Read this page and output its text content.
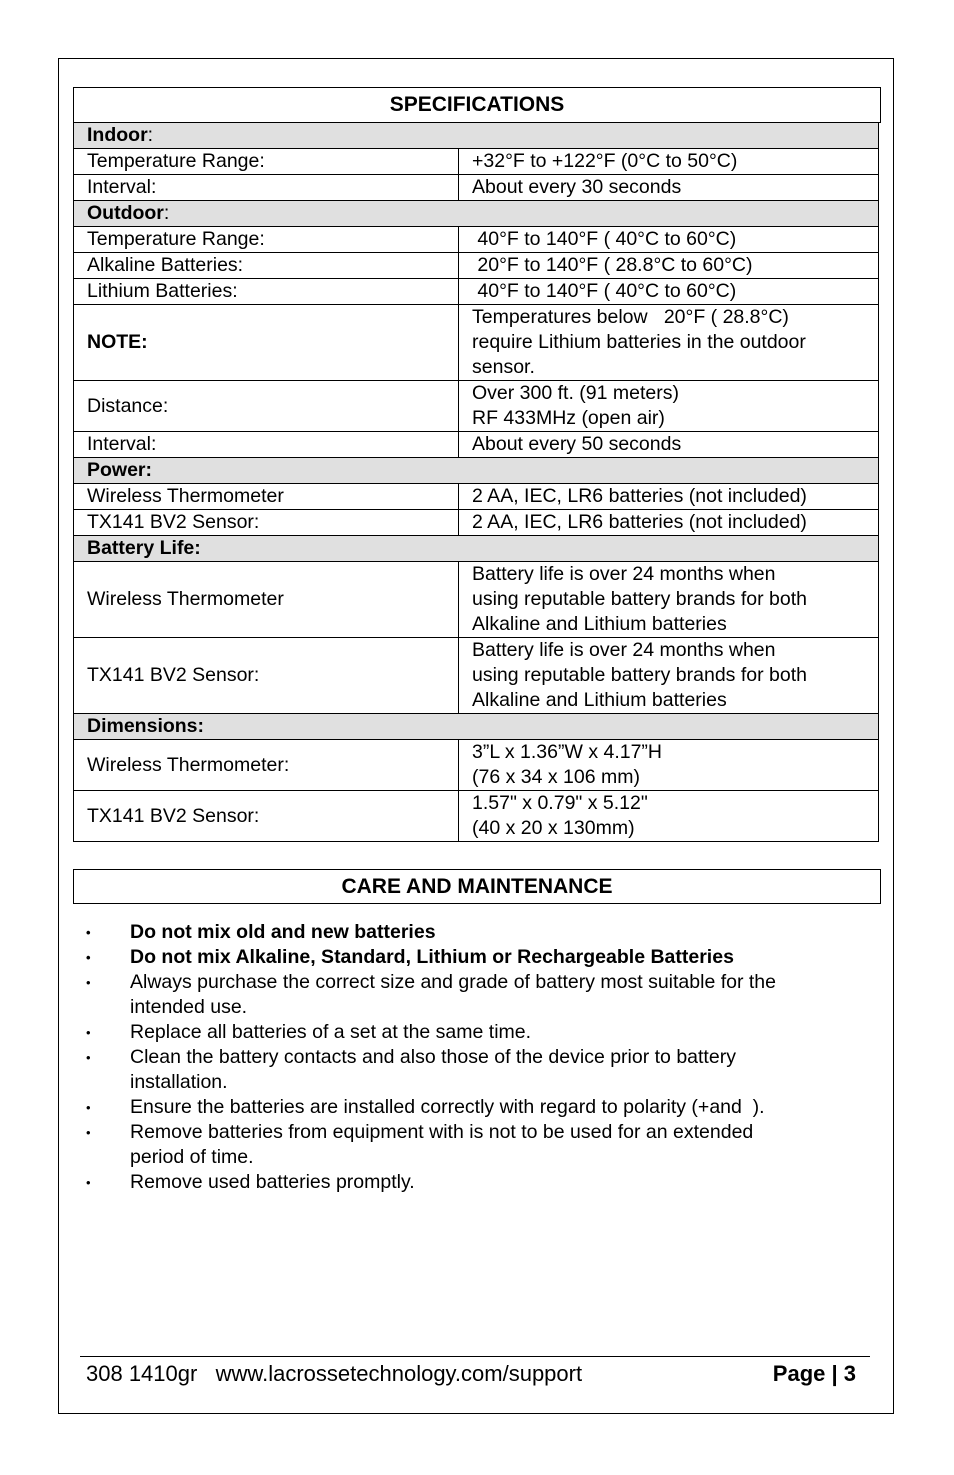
SPECIFICATIONS
Indoor:	
Temperature Range:	+32°F to +122°F (0°C to 50°C)

Interval:	About every 30 seconds

Outdoor:	
Temperature Range:	40°F to 140°F ( 40°C to 60°C)

Alkaline Batteries:	20°F to 140°F ( 28.8°C to 60°C)

Lithium Batteries:	40°F to 140°F ( 40°C to 60°C)

NOTE:	Temperatures below   20°F ( 28.8°C)
require Lithium batteries in the outdoor
sensor.

Distance:	Over 300 ft. (91 meters)
RF 433MHz (open air)

Interval:	About every 50 seconds

Power:	
Wireless Thermometer	2 AA, IEC, LR6 batteries (not included)

TX141 BV2 Sensor:	2 AA, IEC, LR6 batteries (not included)

Battery Life:	
Wireless Thermometer	Battery life is over 24 months when
using reputable battery brands for both
Alkaline and Lithium batteries

TX141 BV2 Sensor:	Battery life is over 24 months when
using reputable battery brands for both
Alkaline and Lithium batteries

Dimensions:	
Wireless Thermometer:	3”L x 1.36”W x 4.17”H
(76 x 34 x 106 mm)

TX141 BV2 Sensor:	1.57" x 0.79" x 5.12"
(40 x 20 x 130mm)
CARE AND MAINTENANCE
• Do not mix old and new batteries
• Do not mix Alkaline, Standard, Lithium or Rechargeable Batteries
• Always purchase the correct size and grade of battery most suitable for the
intended use.
• Replace all batteries of a set at the same time.
• Clean the battery contacts and also those of the device prior to battery
installation.
• Ensure the batteries are installed correctly with regard to polarity (+and  ).
• Remove batteries from equipment with is not to be used for an extended
period of time.
• Remove used batteries promptly.
308 1410gr   www.lacrossetechnology.com/support	Page | 3
